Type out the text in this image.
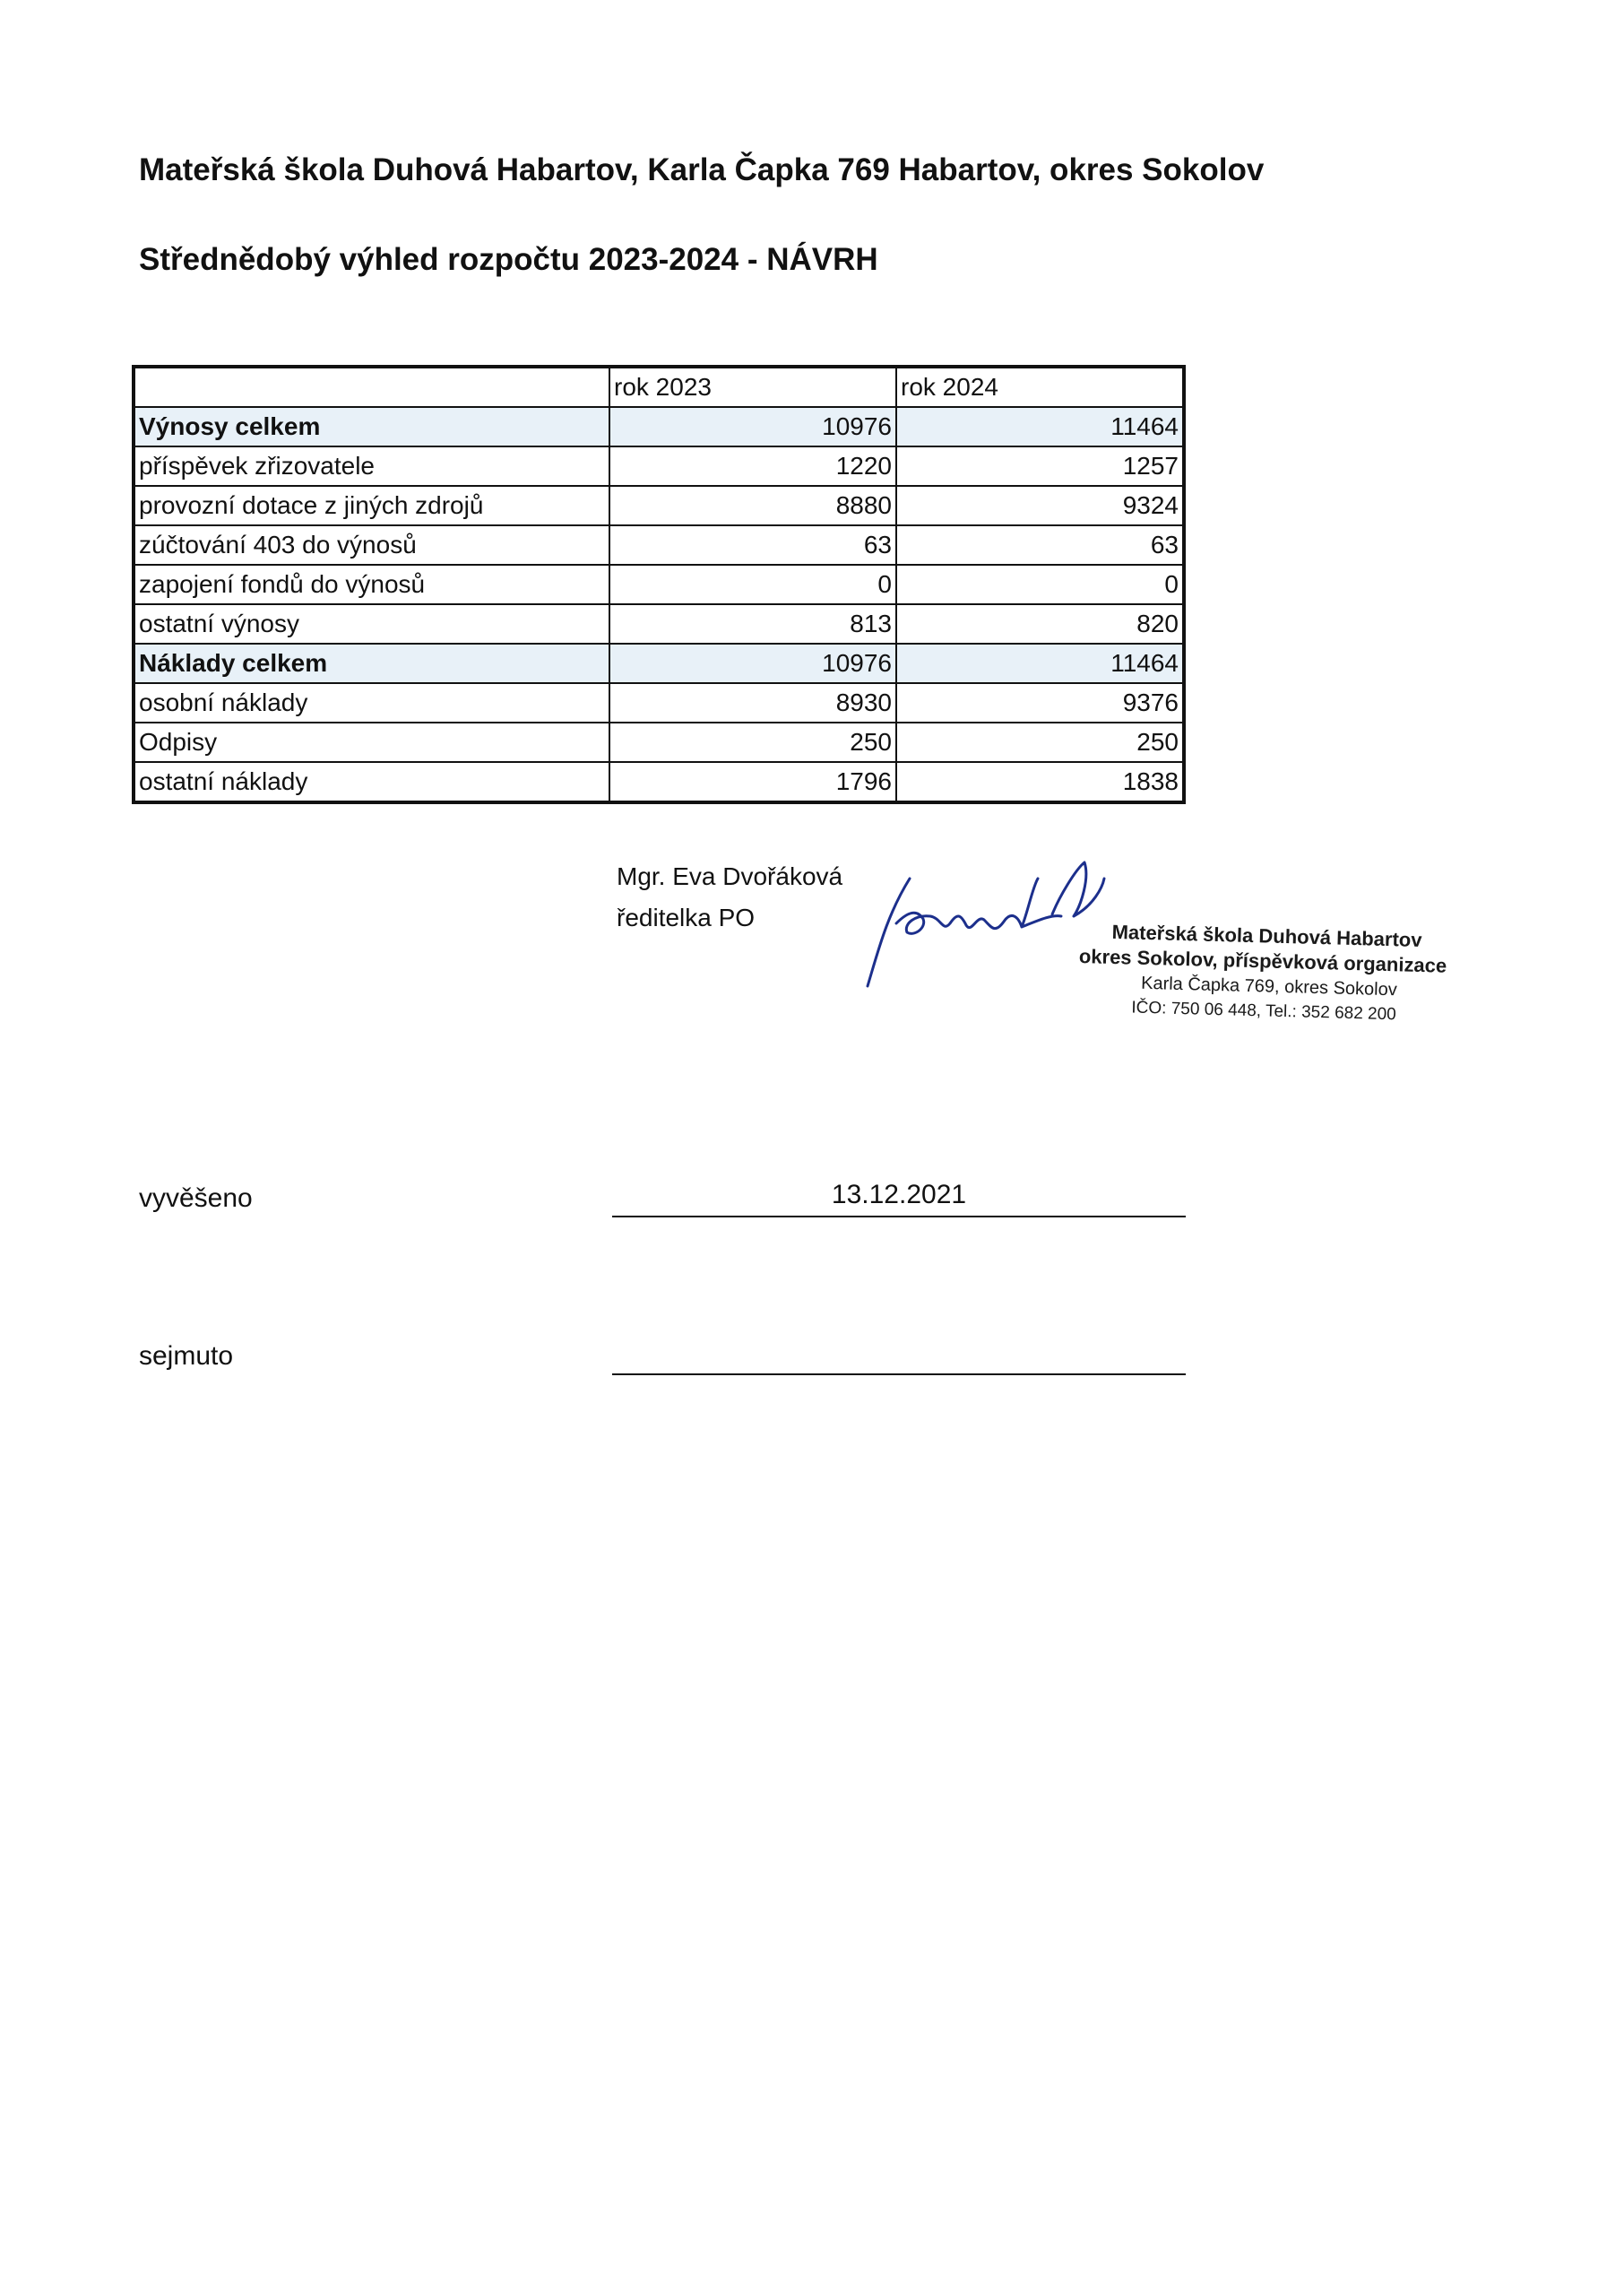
Mateřská škola Duhová Habartov, Karla Čapka 769 Habartov, okres Sokolov
Střednědobý výhled rozpočtu 2023-2024 - NÁVRH
	rok 2023	rok 2024
Výnosy celkem	10976	11464
příspěvek zřizovatele	1220	1257
provozní dotace z jiných zdrojů	8880	9324
zúčtování 403 do výnosů	63	63
zapojení fondů do výnosů	0	0
ostatní výnosy	813	820
Náklady celkem	10976	11464
osobní náklady	8930	9376
Odpisy	250	250
ostatní náklady	1796	1838
Mgr. Eva Dvořáková
ředitelka PO
Mateřská škola Duhová Habartov
okres Sokolov, příspěvková organizace
Karla Čapka 769, okres Sokolov
IČO: 750 06 448, Tel.: 352 682 200
vyvěšeno	13.12.2021
sejmuto
